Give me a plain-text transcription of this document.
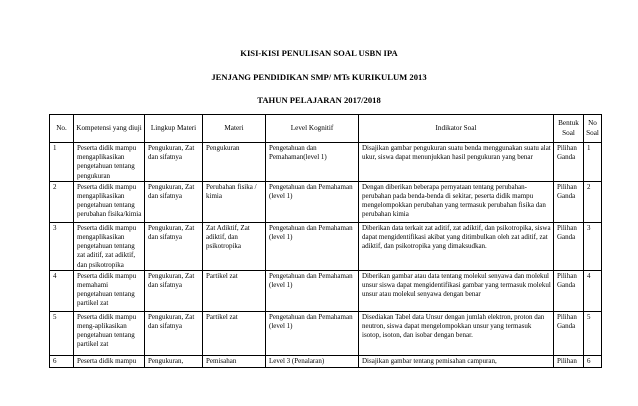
KISI-KISI PENULISAN SOAL USBN IPA
JENJANG PENDIDIKAN SMP/ MTs KURIKULUM 2013
TAHUN PELAJARAN 2017/2018
No.	Kompetensi yang diuji	Lingkup Materi	Materi	Level Kognitif	Indikator Soal	Bentuk Soal	No Soal
1	Peserta didik mampu mengaplikasikan pengetahuan tentang pengukuran	Pengukuran, Zat dan sifatnya	Pengukuran	Pengetahuan dan Pemahaman(level 1)	Disajikan gambar pengukuran suatu benda menggunakan suatu alat ukur, siswa dapat menunjukkan hasil pengukuran yang benar	Pilihan Ganda	1
2	Peserta didik mampu mengaplikasikan pengetahuan tentang perubahan fisika/kimia	Pengukuran, Zat dan sifatnya	Perubahan fisika / kimia	Pengetahuan dan Pemahaman (level 1)	Dengan diberikan beberapa pernyataan tentang perubahan-perubahan pada benda-benda di sekitar, peserta didik mampu mengelompokkan perubahan yang termasuk perubahan fisika dan perubahan kimia	Pilihan Ganda	2
3	Peserta didik mampu mengaplikasikan pengetahuan tentang zat aditif, zat adiktif, dan psikotropika	Pengukuran, Zat dan sifatnya	Zat Adiktif, Zat adiktif, dan psikotropika	Pengetahuan dan Pemahaman (level 1)	Diberikan data terkait zat aditif, zat adiktif, dan psikotropika, siswa dapat mengidentifikasi akibat yang ditimbulkan oleh zat aditif, zat adiktif, dan psikotropika yang dimaksudkan.	Pilihan Ganda	3
4	Peserta didik mampu memahami pengetahuan tentang partikel zat	Pengukuran, Zat dan sifatnya	Partikel zat	Pengetahuan dan Pemahaman (level 1)	Diberikan gambar atau data tentang molekul senyawa dan molekul unsur siswa dapat mengidentifikasi gambar yang termasuk molekul unsur atau molekul senyawa dengan benar	Pilihan Ganda	4
5	Peserta didik mampu meng-aplikasikan pengetahuan tentang partikel zat	Pengukuran, Zat dan sifatnya	Partikel zat	Pengetahuan dan Pemahaman (level 1)	Disediakan Tabel data Unsur dengan jumlah elektron, proton dan neutron, siswa dapat mengelompokkan unsur yang termasuk isotop, isoton, dan isobar dengan benar.	Pilihan Ganda	5
6	Peserta didik mampu	Pengukuran,	Pemisahan	Level 3 (Penalaran)	Disajikan gambar tentang pemisahan campuran,	Pilihan	6
